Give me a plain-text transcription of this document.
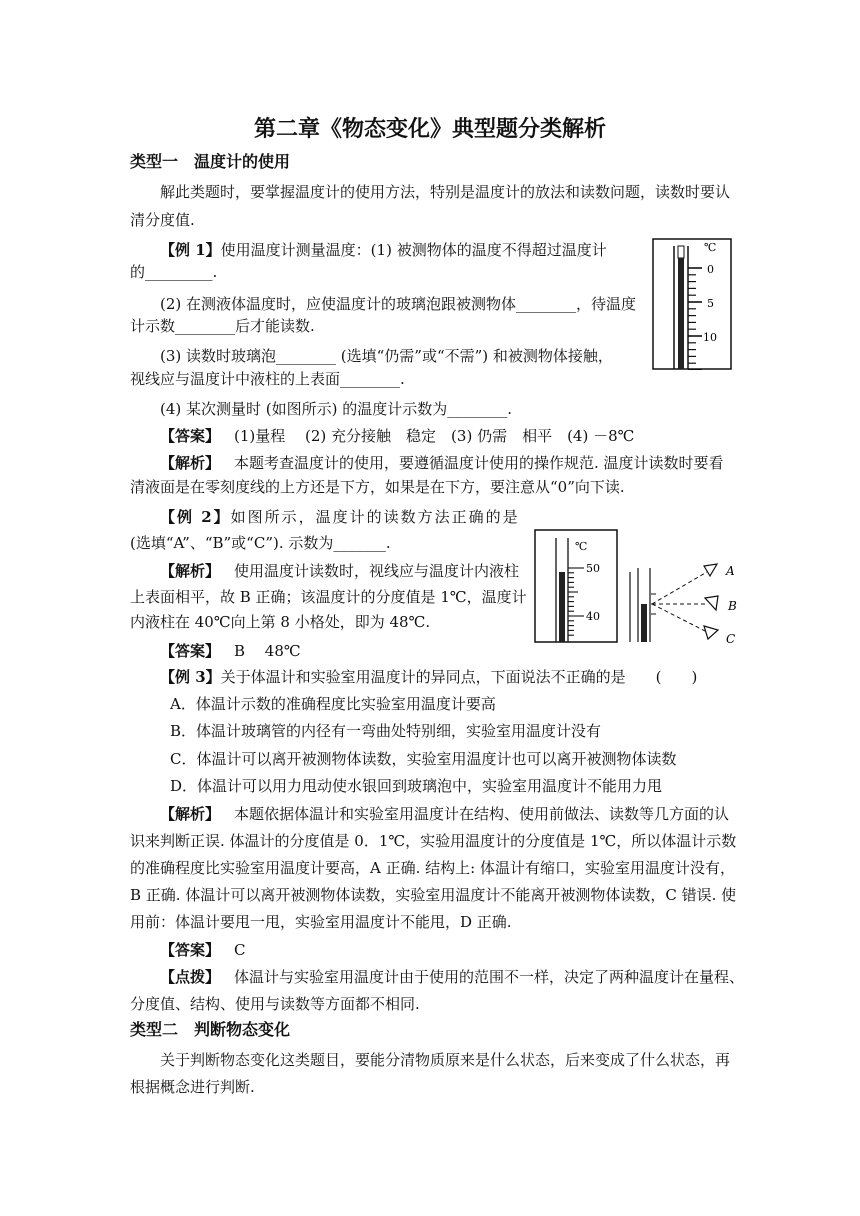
第二章《物态变化》典型题分类解析
类型一　温度计的使用
解此类题时，要掌握温度计的使用方法，特别是温度计的放法和读数问题，读数时要认
清分度值.
【例 1】使用温度计测量温度：(1) 被测物体的温度不得超过温度计
的_________.
(2) 在测液体温度时，应使温度计的玻璃泡跟被测物体________，待温度
计示数________后才能读数.
(3) 读数时玻璃泡________ (选填“仍需”或“不需”) 和被测物体接触，
视线应与温度计中液柱的上表面________.
(4) 某次测量时 (如图所示) 的温度计示数为________.
【答案】 (1)量程　 (2) 充分接触　稳定　(3) 仍需　相平　(4) －8℃
【解析】 本题考查温度计的使用，要遵循温度计使用的操作规范. 温度计读数时要看
清液面是在零刻度线的上方还是下方，如果是在下方，要注意从“0”向下读.
℃
0
5
10
【例 2】如图所示，温度计的读数方法正确的是
(选填“A”、“B”或“C”). 示数为_______.
【解析】 使用温度计读数时，视线应与温度计内液柱
上表面相平，故 B 正确；该温度计的分度值是 1℃，温度计
内液柱在 40℃向上第 8 小格处，即为 48℃.
【答案】 B　 48℃
℃
50
40
A
B
C
【例 3】关于体温计和实验室用温度计的异同点，下面说法不正确的是　　(　　)
A．体温计示数的准确程度比实验室用温度计要高
B．体温计玻璃管的内径有一弯曲处特别细，实验室用温度计没有
C．体温计可以离开被测物体读数，实验室用温度计也可以离开被测物体读数
D．体温计可以用力甩动使水银回到玻璃泡中，实验室用温度计不能用力甩
【解析】 本题依据体温计和实验室用温度计在结构、使用前做法、读数等几方面的认
识来判断正误. 体温计的分度值是 0．1℃，实验用温度计的分度值是 1℃，所以体温计示数
的准确程度比实验室用温度计要高，A 正确. 结构上: 体温计有缩口，实验室用温度计没有，
B 正确. 体温计可以离开被测物体读数，实验室用温度计不能离开被测物体读数，C 错误. 使
用前：体温计要甩一甩，实验室用温度计不能甩，D 正确.
【答案】 C
【点拨】 体温计与实验室用温度计由于使用的范围不一样，决定了两种温度计在量程、
分度值、结构、使用与读数等方面都不相同.
类型二　判断物态变化
关于判断物态变化这类题目，要能分清物质原来是什么状态，后来变成了什么状态，再
根据概念进行判断.
